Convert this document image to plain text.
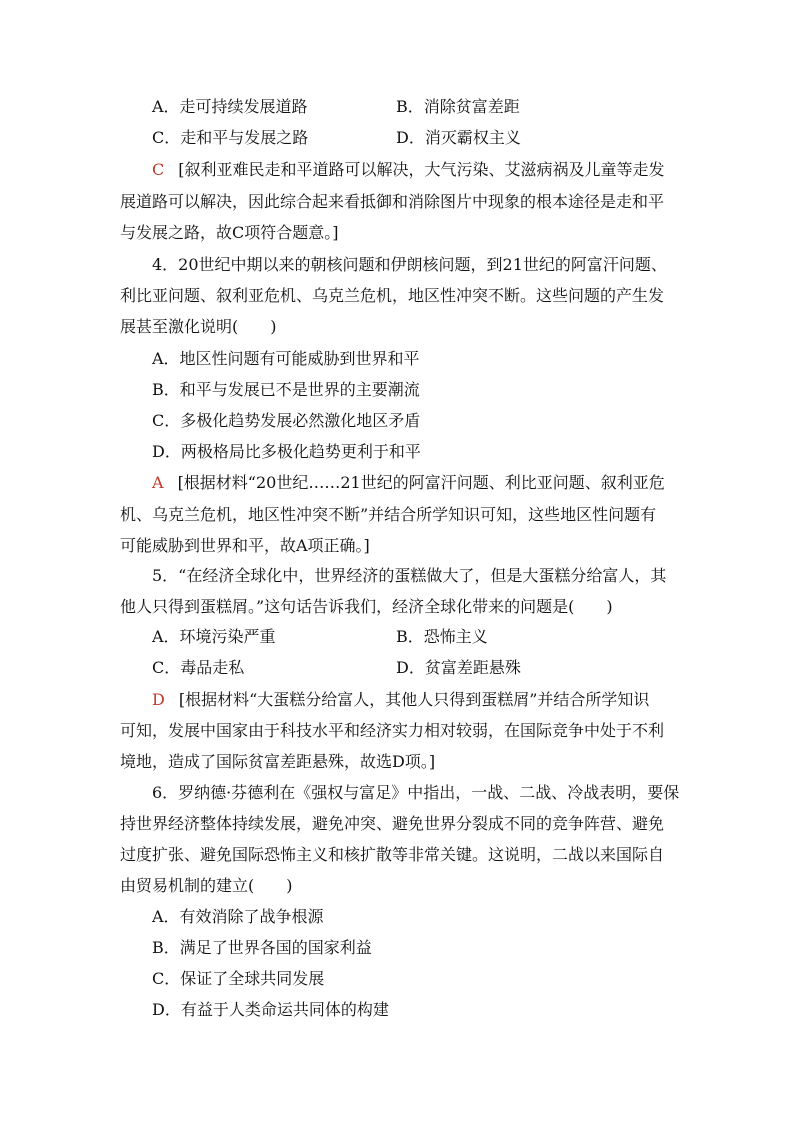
A．走可持续发展道路	B．消除贫富差距
C．走和平与发展之路	D．消灭霸权主义
C [叙利亚难民走和平道路可以解决，大气污染、艾滋病祸及儿童等走发
展道路可以解决，因此综合起来看抵御和消除图片中现象的根本途径是走和平
与发展之路，故C项符合题意。]
4．20世纪中期以来的朝核问题和伊朗核问题，到21世纪的阿富汗问题、
利比亚问题、叙利亚危机、乌克兰危机，地区性冲突不断。这些问题的产生发
展甚至激化说明(　　)
A．地区性问题有可能威胁到世界和平
B．和平与发展已不是世界的主要潮流
C．多极化趋势发展必然激化地区矛盾
D．两极格局比多极化趋势更利于和平
A [根据材料“20世纪……21世纪的阿富汗问题、利比亚问题、叙利亚危
机、乌克兰危机，地区性冲突不断”并结合所学知识可知，这些地区性问题有
可能威胁到世界和平，故A项正确。]
5．“在经济全球化中，世界经济的蛋糕做大了，但是大蛋糕分给富人，其
他人只得到蛋糕屑。”这句话告诉我们，经济全球化带来的问题是(　　)
A．环境污染严重	B．恐怖主义
C．毒品走私	D．贫富差距悬殊
D [根据材料“大蛋糕分给富人，其他人只得到蛋糕屑”并结合所学知识
可知，发展中国家由于科技水平和经济实力相对较弱，在国际竞争中处于不利
境地，造成了国际贫富差距悬殊，故选D项。]
6．罗纳德·芬德利在《强权与富足》中指出，一战、二战、冷战表明，要保
持世界经济整体持续发展，避免冲突、避免世界分裂成不同的竞争阵营、避免
过度扩张、避免国际恐怖主义和核扩散等非常关键。这说明，二战以来国际自
由贸易机制的建立(　　)
A．有效消除了战争根源
B．满足了世界各国的国家利益
C．保证了全球共同发展
D．有益于人类命运共同体的构建
